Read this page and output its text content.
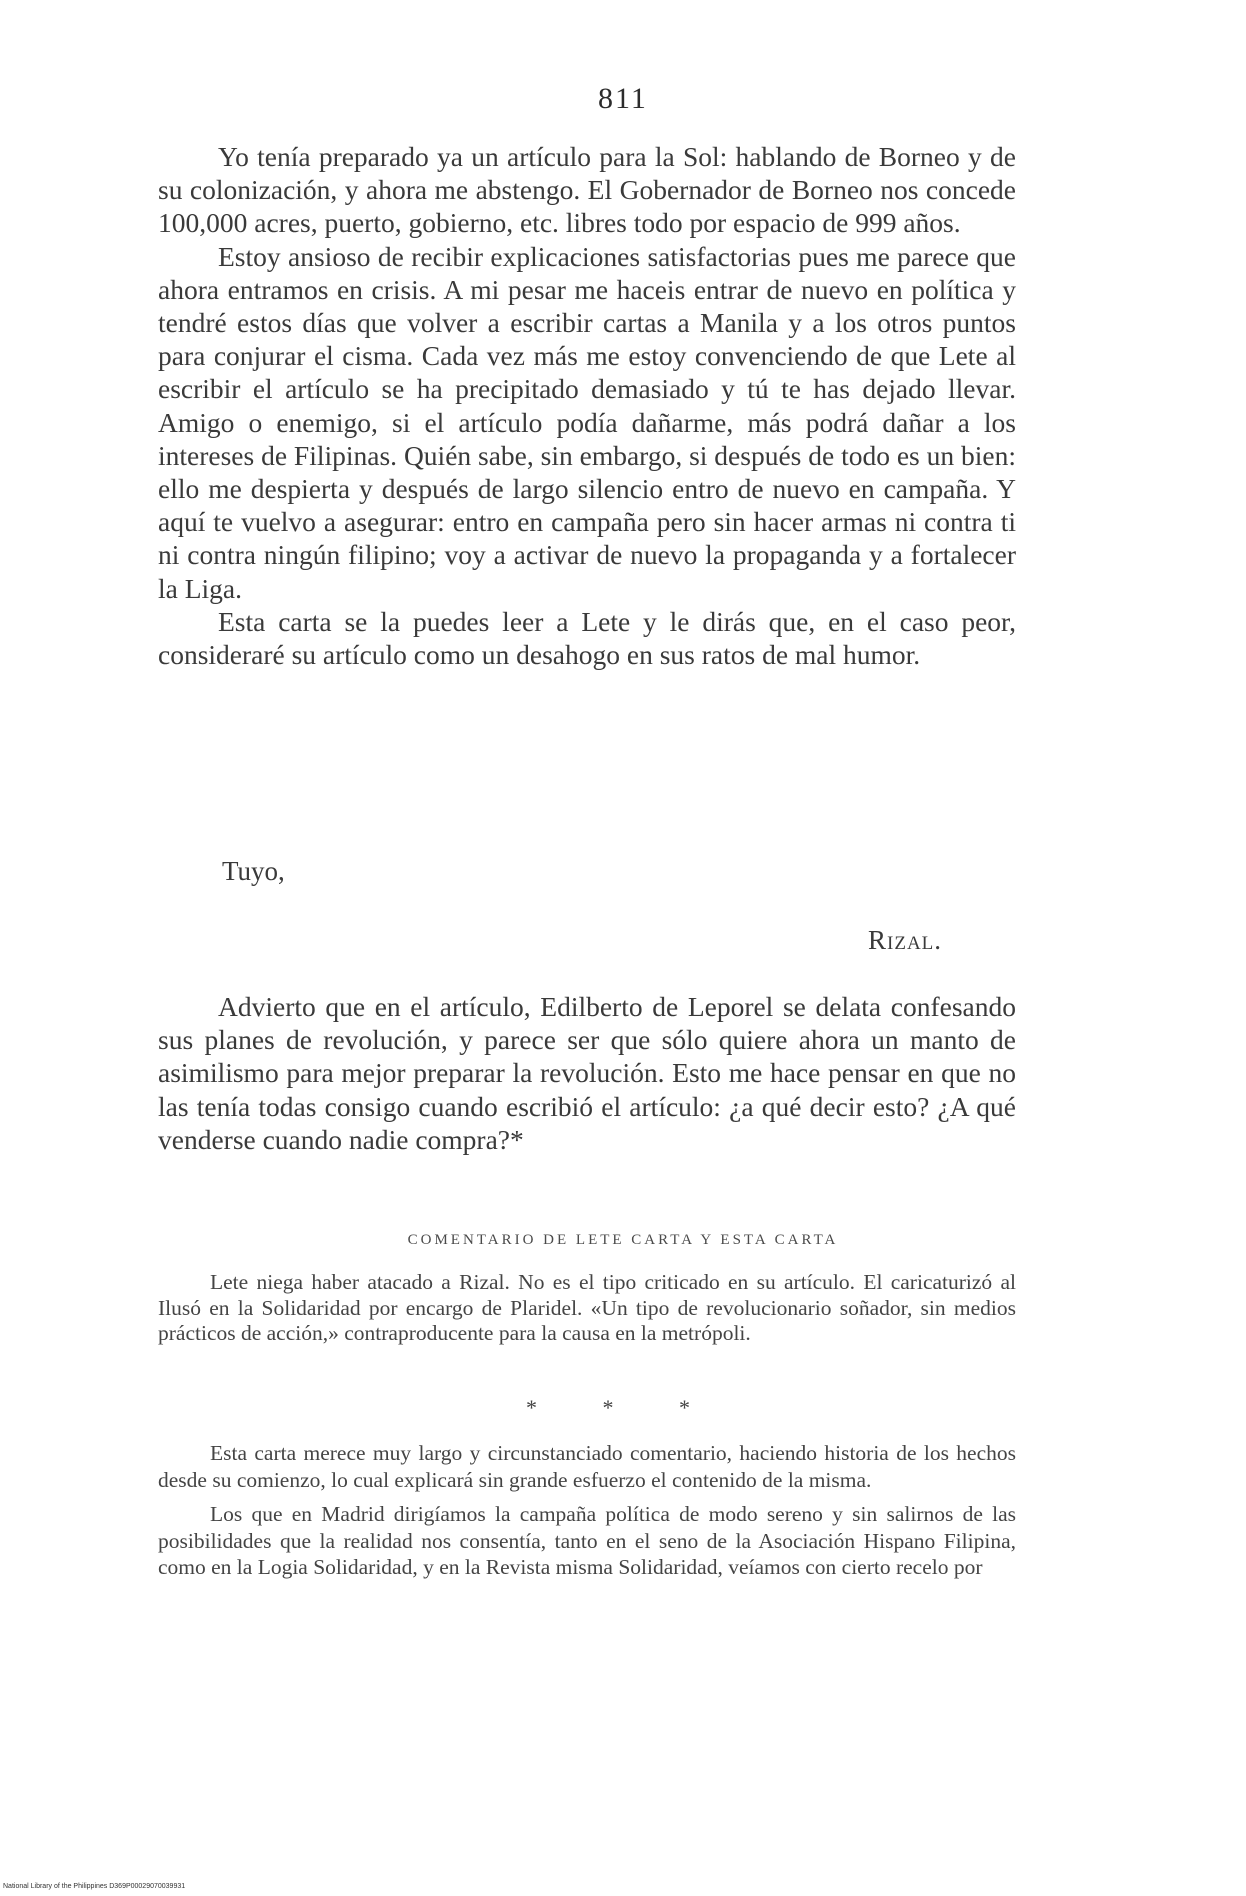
811

Yo tenía preparado ya un artículo para la Sol: hablando de Borneo y de su colonización, y ahora me abstengo. El Gobernador de Borneo nos concede 100,000 acres, puerto, gobierno, etc. libres todo por espacio de 999 años.

Estoy ansioso de recibir explicaciones satisfactorias pues me parece que ahora entramos en crisis. A mi pesar me haceis entrar de nuevo en política y tendré estos días que volver a escribir cartas a Manila y a los otros puntos para conjurar el cisma. Cada vez más me estoy convenciendo de que Lete al escribir el artículo se ha precipitado demasiado y tú te has dejado llevar. Amigo o enemigo, si el artículo podía dañarme, más podrá dañar a los intereses de Filipinas. Quién sabe, sin embargo, si después de todo es un bien: ello me despierta y después de largo silencio entro de nuevo en campaña. Y aquí te vuelvo a asegurar: entro en campaña pero sin hacer armas ni contra ti ni contra ningún filipino; voy a activar de nuevo la propaganda y a fortalecer la Liga.

Esta carta se la puedes leer a Lete y le dirás que, en el caso peor, consideraré su artículo como un desahogo en sus ratos de mal humor.

Tuyo,
Rizal.

Advierto que en el artículo, Edilberto de Leporel se delata confesando sus planes de revolución, y parece ser que sólo quiere ahora un manto de asimilismo para mejor preparar la revolución. Esto me hace pensar en que no las tenía todas consigo cuando escribió el artículo: ¿a qué decir esto? ¿A qué venderse cuando nadie compra?*

COMENTARIO DE LETE CARTA Y ESTA CARTA

Lete niega haber atacado a Rizal. No es el tipo criticado en su artículo. El caricaturizó al Ilusó en la Solidaridad por encargo de Plaridel. «Un tipo de revolucionario soñador, sin medios prácticos de acción,» contraproducente para la causa en la metrópoli.

* * *

Esta carta merece muy largo y circunstanciado comentario, haciendo historia de los hechos desde su comienzo, lo cual explicará sin grande esfuerzo el contenido de la misma.

Los que en Madrid dirigíamos la campaña política de modo sereno y sin salirnos de las posibilidades que la realidad nos consentía, tanto en el seno de la Asociación Hispano Filipina, como en la Logia Solidaridad, y en la Revista misma Solidaridad, veíamos con cierto recelo por

National Library of the Philippines D369P00029070039931
